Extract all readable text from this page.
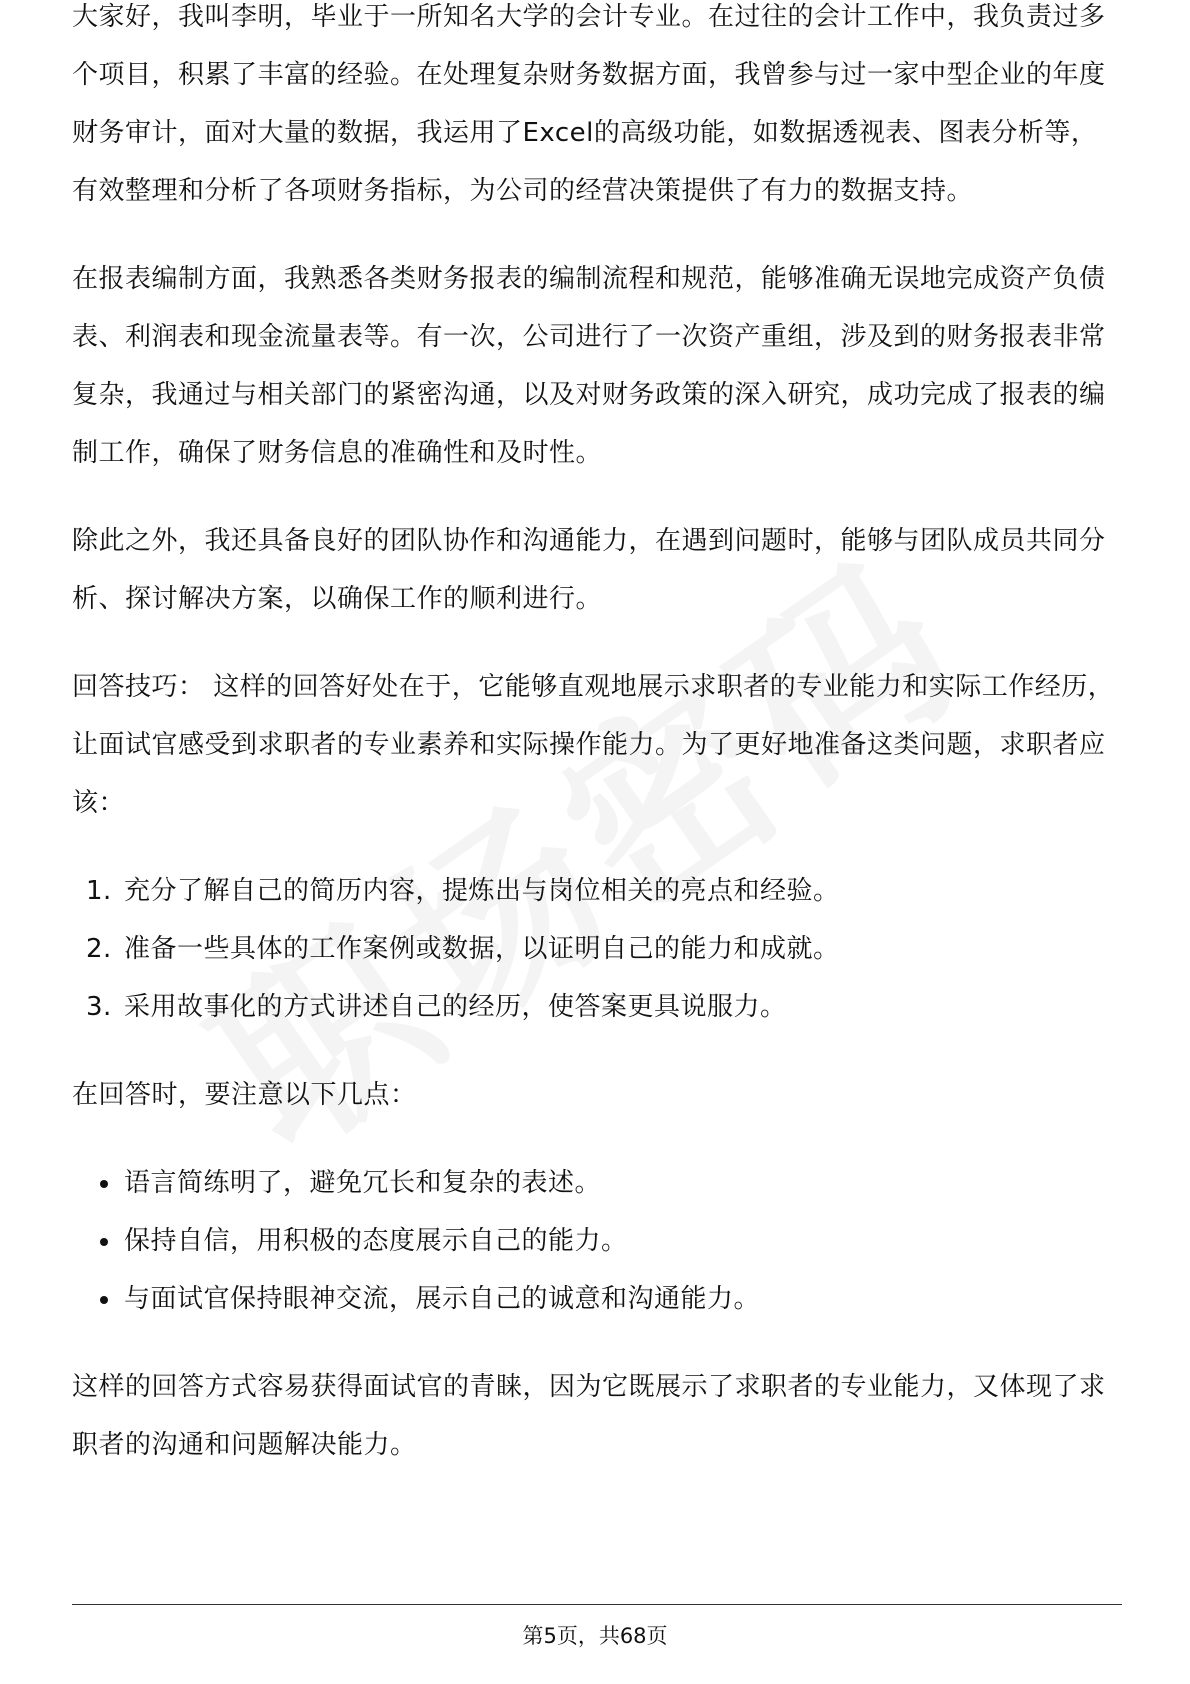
大家好，我叫李明，毕业于一所知名大学的会计专业。在过往的会计工作中，我负责过多个项目，积累了丰富的经验。在处理复杂财务数据方面，我曾参与过一家中型企业的年度财务审计，面对大量的数据，我运用了Excel的高级功能，如数据透视表、图表分析等，有效整理和分析了各项财务指标，为公司的经营决策提供了有力的数据支持。

在报表编制方面，我熟悉各类财务报表的编制流程和规范，能够准确无误地完成资产负债表、利润表和现金流量表等。有一次，公司进行了一次资产重组，涉及到的财务报表非常复杂，我通过与相关部门的紧密沟通，以及对财务政策的深入研究，成功完成了报表的编制工作，确保了财务信息的准确性和及时性。

除此之外，我还具备良好的团队协作和沟通能力，在遇到问题时，能够与团队成员共同分析、探讨解决方案，以确保工作的顺利进行。

回答技巧： 这样的回答好处在于，它能够直观地展示求职者的专业能力和实际工作经历，让面试官感受到求职者的专业素养和实际操作能力。为了更好地准备这类问题，求职者应该：

1. 充分了解自己的简历内容，提炼出与岗位相关的亮点和经验。
2. 准备一些具体的工作案例或数据，以证明自己的能力和成就。
3. 采用故事化的方式讲述自己的经历，使答案更具说服力。

在回答时，要注意以下几点：

语言简练明了，避免冗长和复杂的表述。
保持自信，用积极的态度展示自己的能力。
与面试官保持眼神交流，展示自己的诚意和沟通能力。

这样的回答方式容易获得面试官的青睐，因为它既展示了求职者的专业能力，又体现了求职者的沟通和问题解决能力。

第5页，共68页
